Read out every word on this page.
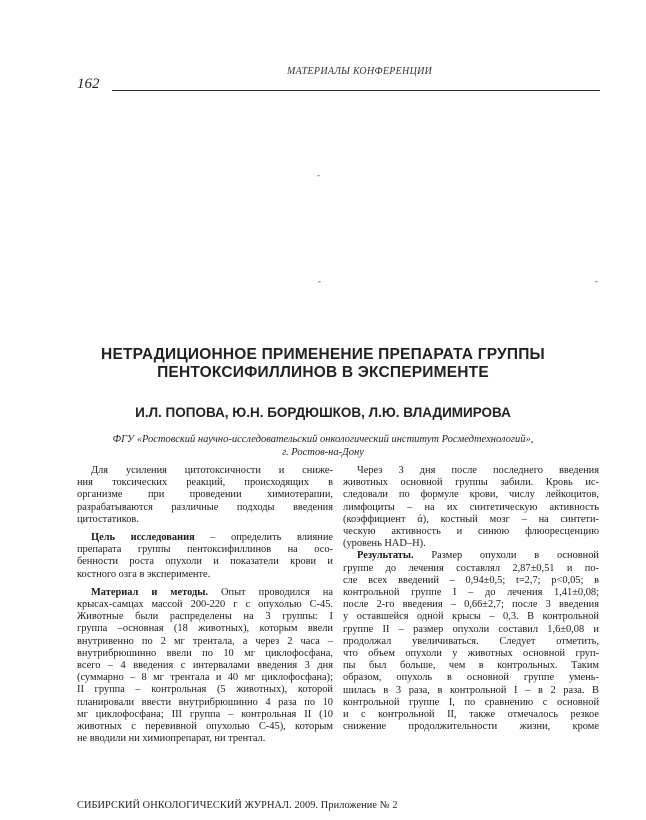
МАТЕРИАЛЫ КОНФЕРЕНЦИИ
162
-
-	-
НЕТРАДИЦИОННОЕ ПРИМЕНЕНИЕ ПРЕПАРАТА ГРУППЫ
ПЕНТОКСИФИЛЛИНОВ В ЭКСПЕРИМЕНТЕ
И.Л. ПОПОВА, Ю.Н. БОРДЮШКОВ, Л.Ю. ВЛАДИМИРОВА
ФГУ «Ростовский научно-исследовательский онкологический институт Росмедтехнологий»,
г. Ростов-на-Дону
Для усиления цитотоксичности и сниже-
ния токсических реакций, происходящих в
организме при проведении химиотерапии,
разрабатываются различные подходы введения
цитостатиков.
Цель исследования – определить влияние
препарата группы пентоксифиллинов на осо-
бенности роста опухоли и показатели крови и
костного озга в эксперименте.
Материал и методы. Опыт проводился на
крысах-самцах массой 200-220 г с опухолью С-45.
Животные были распределены на 3 группы: I
группа –основная (18 животных), которым ввели
внутривенно по 2 мг трентала, а через 2 часа –
внутрибрюшинно ввели по 10 мг циклофосфана,
всего – 4 введения с интервалами введения 3 дня
(суммарно – 8 мг трентала и 40 мг циклофосфана);
II группа – контрольная (5 животных), которой
планировали ввести внутрибрюшинно 4 раза по 10
мг циклофосфана; III группа – контрольная II (10
животных с перевивной опухолью С-45), которым
не вводили ни химиопрепарат, ни трентал.
Через 3 дня после последнего введения
животных основной группы забили. Кровь ис-
следовали по формуле крови, числу лейкоцитов,
лимфоциты – на их синтетическую активность
(коэффициент ά), костный мозг – на синтети-
ческую активность и синюю флюоресценцию
(уровень НАD–Н).
Результаты. Размер опухоли в основной
группе до лечения составлял 2,87±0,51 и по-
сле всех введений – 0,94±0,5; t=2,7; p<0,05; в
контрольной группе I – до лечения 1,41±0,08;
после 2-го введения – 0,66±2,7; после 3 введения
у оставшейся одной крысы – 0,3. В контрольной
группе II – размер опухоли составил 1,6±0,08 и
продолжал увеличиваться. Следует отметить,
что объем опухоли у животных основной груп-
пы был больше, чем в контрольных. Таким
образом, опухоль в основной группе умень-
шилась в 3 раза, в контрольной I – в 2 раза. В
контрольной группе I, по сравнению с основной
и с контрольной II, также отмечалось резкое
снижение продолжительности жизни, кроме
СИБИРСКИЙ ОНКОЛОГИЧЕСКИЙ ЖУРНАЛ. 2009. Приложение № 2
